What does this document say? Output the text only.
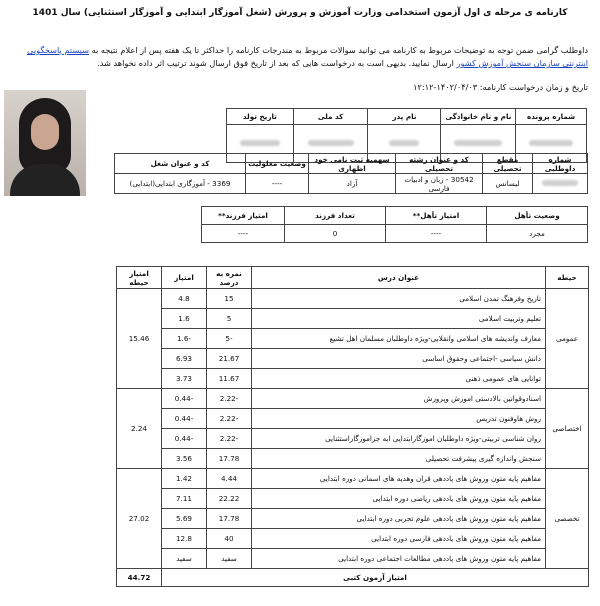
کارنامه ی مرحله ی اول آزمون استخدامی وزارت آموزش و پرورش (شغل آموزگار ابتدایی و آموزگار استثنایی) سال 1401
داوطلب گرامی ضمن توجه به توضیحات مربوط به کارنامه می توانید سوالات مربوط به مندرجات کارنامه را حداکثر تا یک هفته پس از اعلام نتیجه به سیستم پاسخگویی اینترنتی سازمان سنجش آموزش کشور ارسال نمایید. بدیهی است به درخواست هایی که بعد از تاریخ فوق ارسال شوند ترتیب اثر داده نخواهد شد.
تاریخ و زمان درخواست کارنامه: ۱۴۰۲/۰۴/۰۳-۱۲:۱۲
شماره پرونده	نام و نام خانوادگی	نام پدر	کد ملی	تاریخ تولد

شماره داوطلبی	مقطع تحصیلی	کد و عنوان رشته تحصیلی	سهمیه ثبت نامی خود اظهاری	وضعیت معلولیت	کد و عنوان شغل
	لیسانس	30542 - زبان و ادبیات فارسی	آزاد	----	3369 - آموزگاری ابتدایی(ابتدایی)
وضعیت تأهل	امتیاز تأهل**	تعداد فرزند	امتیاز فرزند**
مجرد	----	0	----
حیطه	عنوان درس	نمره به درصد	امتیاز	امتیاز حیطه
عمومی	تاریخ وفرهنگ تمدن اسلامی	15	4.8	15.46
	تعلیم وتربیت اسلامی	5	1.6	
	معارف واندیشه های اسلامی وانقلابی-ویژه داوطلبان مسلمان اهل تشیع	-5	-1.6	
	دانش سیاسی -اجتماعی وحقوق اساسی	21.67	6.93	
	توانایی های عمومی ذهنی	11.67	3.73	
اختصاصی	اسنادوقوانین بالادستی اموزش وپرورش	-2.22	-0.44	2.24
	روش هاوفنون تدریس	-2.22	-0.44	
	روان شناسی تربیتی-ویژه داوطلبان اموزگارابتدایی ابه جزاموزگاراستثنایی	-2.22	-0.44	
	سنجش واندازه گیری پیشرفت تحصیلی	17.78	3.56	
تخصصی	مفاهیم پایه متون وروش های یاددهی قران وهدیه های اسمانی دوره ابتدایی	4.44	1.42	27.02
	مفاهیم پایه متون وروش های یاددهی ریاضی دوره ابتدایی	22.22	7.11	
	مفاهیم پایه متون وروش های یاددهی علوم تجربی دوره ابتدایی	17.78	5.69	
	مفاهیم پایه متون وروش های یاددهی فارسی دوره ابتدایی	40	12.8	
	مفاهیم پایه متون وروش های یاددهی مطالعات اجتماعی دوره ابتدایی	سفید	سفید	
امتیاز آزمون کتبی				44.72
